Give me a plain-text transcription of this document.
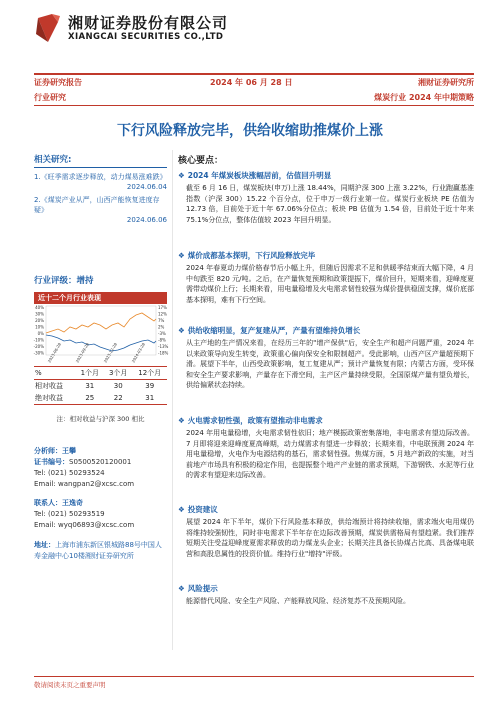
湘财证券股份有限公司
XIANGCAI SECURITIES CO.,LTD
证券研究报告	2024 年 06 月 28 日	湘财证券研究所
行业研究	煤炭行业 2024 年中期策略
下行风险释放完毕，供给收缩助推煤价上涨
相关研究:
1.《旺季需求逐步释放，动力煤易涨难跌》
2024.06.04
2.《煤炭产业从严，山西产能恢复进度存疑》
2024.06.06
行业评级：增持
近十二个月行业表现
40%
30%
20%
10%
0%
-10%
-20%
-30%
17%
12%
7%
2%
-3%
-8%
-13%
-18%
2023-06-28	2023-09-28	2023-12-28	2024-03-28
%	1个月	3个月	12个月
相对收益	31	30	39
绝对收益	25	22	31
注：相对收益与沪深 300 相比
分析师：王攀
证书编号：S0500520120001
Tel: (021) 50293524
Email: wangpan2@xcsc.com
联系人：王逸奇
Tel: (021) 50293519
Email: wyq06893@xcsc.com
地址：上海市浦东新区银城路88号中国人寿金融中心10楼湘财证券研究所
核心要点：
❖ 2024 年煤炭板块涨幅居前，估值回升明显
截至 6 月 16 日，煤炭板块(申万)上涨 18.44%，同期沪深 300 上涨 3.22%，行业跑赢基准指数（沪深 300）15.22 个百分点，位于申万一级行业第一位。煤炭行业板块 PE 估值为 12.73 倍，目前处于近十年 67.06%分位点；板块 PB 估值为 1.54 倍，目前处于近十年来 75.1%分位点，整体估值较 2023 年回升明显。
❖ 煤价成都基本探明，下行风险释放完毕
2024 年春夏动力煤价格春节后小幅上升，但随后因需求不足和供暖季结束而大幅下降，4 月中旬跌至 820 元/吨。之后，在产量恢复预期和政策提振下，煤价回升，短期来看，迎峰度夏需带动煤价上行；长期来看，用电量稳增及火电需求韧性较强为煤价提供稳固支撑，煤价底部基本探明，难有下行空间。
❖ 供给收缩明显，复产复建从严，产量有望维持负增长
从主产地的生产情况来看，在经历三年的"增产保供"后，安全生产和超产问题严重，2024 年以来政策导向发生转变，政策重心偏向保安全和限制超产。受此影响，山西产区产量超预期下滑。展望下半年，山西受政策影响，复工复建从严；预计产量恢复有限；内蒙古方面，受环保和安全生产要求影响，产量存在下滑空间，主产区产量持续受限，全国原煤产量有望负增长，供给偏紧状态持续。
❖ 火电需求韧性强，政策有望推动非电需求
2024 年用电量稳增，火电需求韧性依旧；地产模振政策密集落地，非电需求有望边际改善。7 月即将迎来迎峰度夏高峰期，动力煤需求有望进一步释放；长期来看，中电联预测 2024 年用电量稳增，火电作为电源结构的基石，需求韧性强。焦煤方面，5 月地产新政的实施，对当前地产市场具有积极的稳定作用，也提振整个地产产业链的需求预期，下游钢铁、水泥等行业的需求有望迎来边际改善。
❖ 投资建议
展望 2024 年下半年，煤价下行风险基本释放，供给端预计将持续收缩，需求端火电用煤仍将维持较强韧性，同时非电需求下半年存在边际改善预期，煤炭供需格局有望趋紧。我们推荐短期关注受益迎峰度夏需求释放的动力煤龙头企业；长期关注具备长协煤占比高、具备煤电联营和高股息属性的投资价值。维持行业"增持"评级。
❖ 风险提示
能源替代风险、安全生产风险、产能释放风险、经济复苏不及预期风险。
敬请阅读末页之重要声明
